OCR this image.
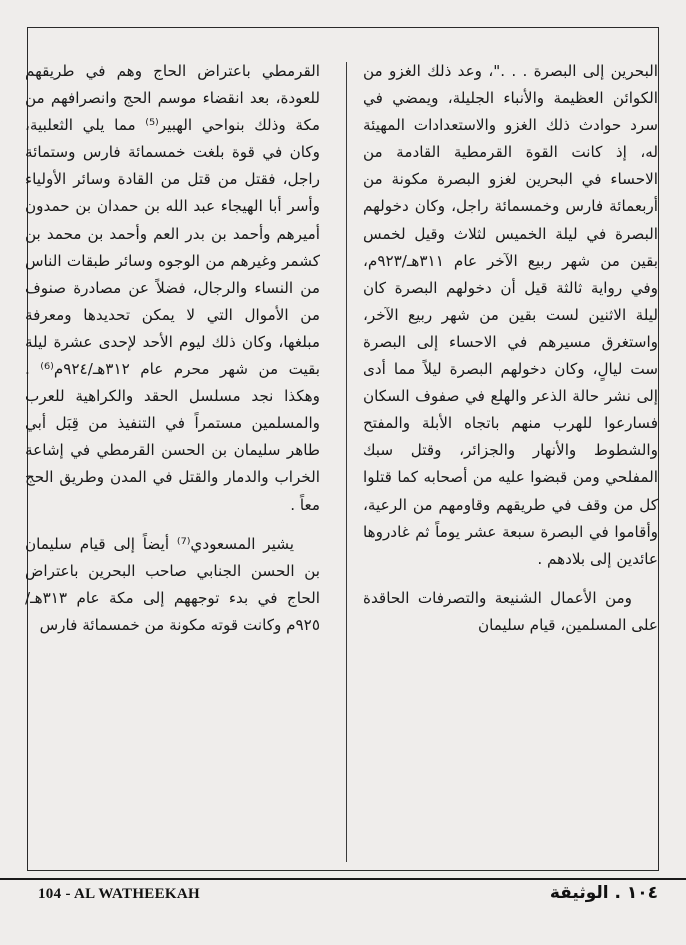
البحرين إلى البصرة . . ."، وعد ذلك الغزو من الكوائن العظيمة والأنباء الجليلة، ويمضي في سرد حوادث ذلك الغزو والاستعدادات المهيئة له، إذ كانت القوة القرمطية القادمة من الاحساء في البحرين لغزو البصرة مكونة من أربعمائة فارس وخمسمائة راجل، وكان دخولهم البصرة في ليلة الخميس لثلاث وقيل لخمس بقين من شهر ربيع الآخر عام ٣١١هـ/٩٢٣م، وفي رواية ثالثة قيل أن دخولهم البصرة كان ليلة الاثنين لست بقين من شهر ربيع الآخر، واستغرق مسيرهم في الاحساء إلى البصرة ست ليالٍ، وكان دخولهم البصرة ليلاً مما أدى إلى نشر حالة الذعر والهلع في صفوف السكان فسارعوا للهرب منهم باتجاه الأبلة والمفتح والشطوط والأنهار والجزائر، وقتل سبك المفلحي ومن قبضوا عليه من أصحابه كما قتلوا كل من وقف في طريقهم وقاومهم من الرعية، وأقاموا في البصرة سبعة عشر يوماً ثم غادروها عائدين إلى بلادهم .

ومن الأعمال الشنيعة والتصرفات الحاقدة على المسلمين، قيام سليمان

القرمطي باعتراض الحاج وهم في طريقهم للعودة، بعد انقضاء موسم الحج وانصرافهم من مكة وذلك بنواحي الهبير⁽⁵⁾ مما يلي الثعلبية، وكان في قوة بلغت خمسمائة فارس وستمائة راجل، فقتل من قتل من القادة وسائر الأولياء وأسر أبا الهيجاء عبد الله بن حمدان بن حمدون أميرهم وأحمد بن بدر العم وأحمد بن محمد بن كشمر وغيرهم من الوجوه وسائر طبقات الناس من النساء والرجال، فضلاً عن مصادرة صنوف من الأموال التي لا يمكن تحديدها ومعرفة مبلغها، وكان ذلك ليوم الأحد لإحدى عشرة ليلة بقيت من شهر محرم عام ٣١٢هـ/٩٢٤م⁽⁶⁾ . وهكذا نجد مسلسل الحقد والكراهية للعرب والمسلمين مستمراً في التنفيذ من قِبَل أبي طاهر سليمان بن الحسن القرمطي في إشاعة الخراب والدمار والقتل في المدن وطريق الحج معاً .

يشير المسعودي⁽⁷⁾ أيضاً إلى قيام سليمان بن الحسن الجنابي صاحب البحرين باعتراض الحاج في بدء توجههم إلى مكة عام ٣١٣هـ/٩٢٥م وكانت قوته مكونة من خمسمائة فارس

104 - AL WATHEEKAH	١٠٤ . الوثيقة
